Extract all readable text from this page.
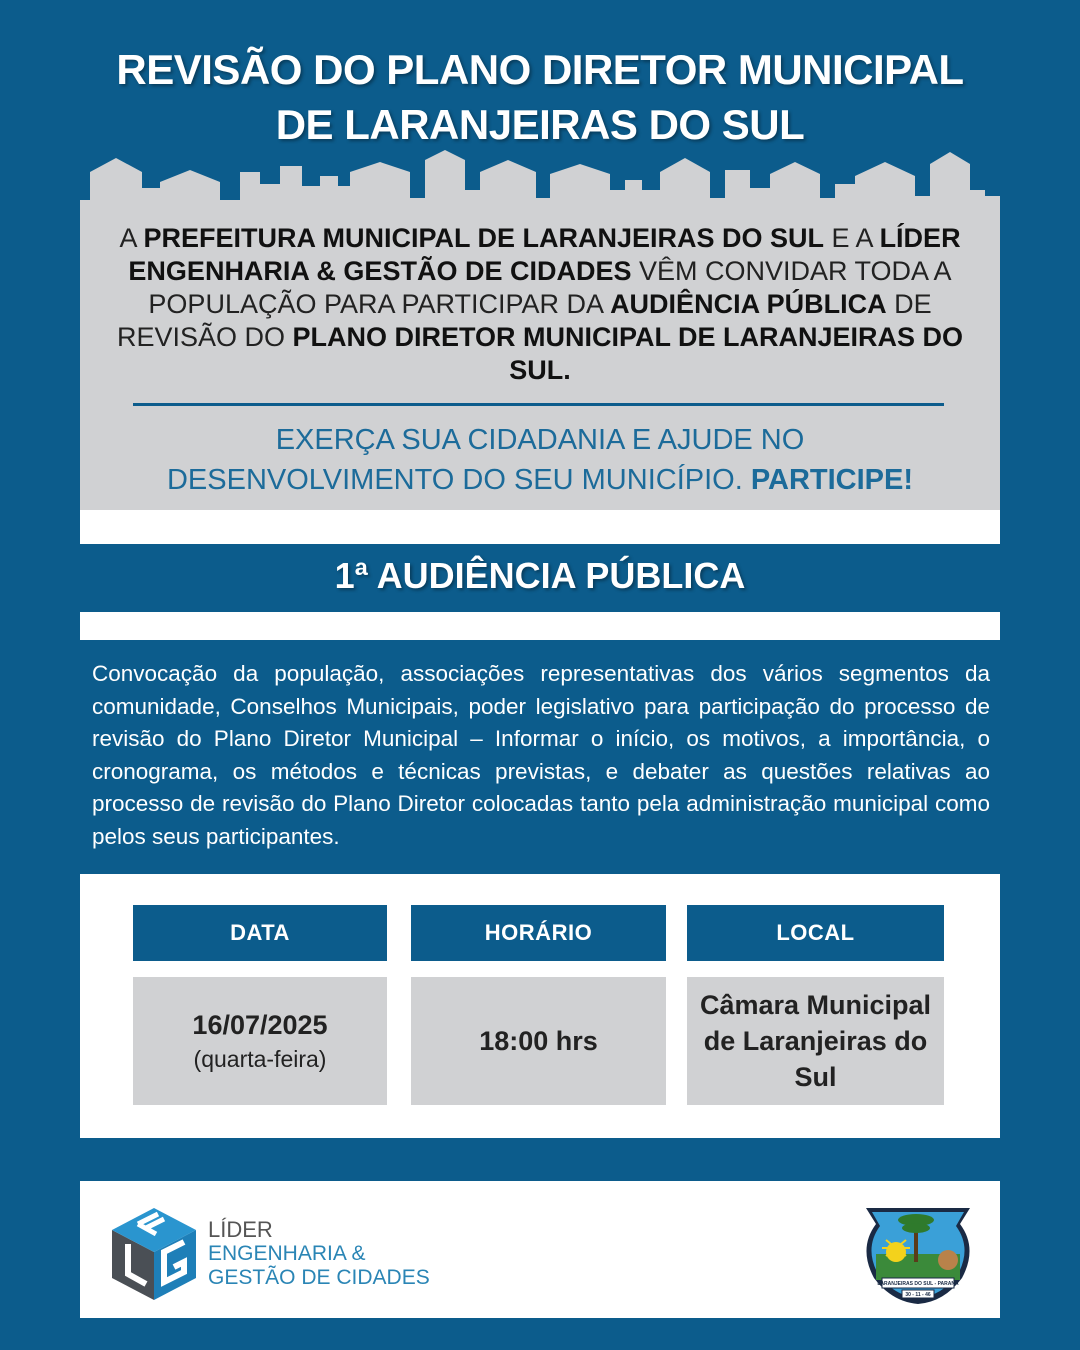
REVISÃO DO PLANO DIRETOR MUNICIPAL
DE LARANJEIRAS DO SUL
A PREFEITURA MUNICIPAL DE LARANJEIRAS DO SUL E A LÍDER ENGENHARIA & GESTÃO DE CIDADES VÊM CONVIDAR TODA A POPULAÇÃO PARA PARTICIPAR DA AUDIÊNCIA PÚBLICA DE REVISÃO DO PLANO DIRETOR MUNICIPAL DE LARANJEIRAS DO SUL.
EXERÇA SUA CIDADANIA E AJUDE NO
DESENVOLVIMENTO DO SEU MUNICÍPIO. PARTICIPE!
1ª AUDIÊNCIA PÚBLICA
Convocação da população, associações representativas dos vários segmentos da comunidade, Conselhos Municipais, poder legislativo para participação do processo de revisão do Plano Diretor Municipal – Informar o início, os motivos, a importância, o cronograma, os métodos e técnicas previstas, e debater as questões relativas ao processo de revisão do Plano Diretor colocadas tanto pela administração municipal como pelos seus participantes.
DATA
16/07/2025
(quarta-feira)
HORÁRIO
18:00 hrs
LOCAL
Câmara Municipal de Laranjeiras do Sul
LÍDER
ENGENHARIA &
GESTÃO DE CIDADES	LARANJEIRAS DO SUL - PARANÁ
30 - 11 - 46
